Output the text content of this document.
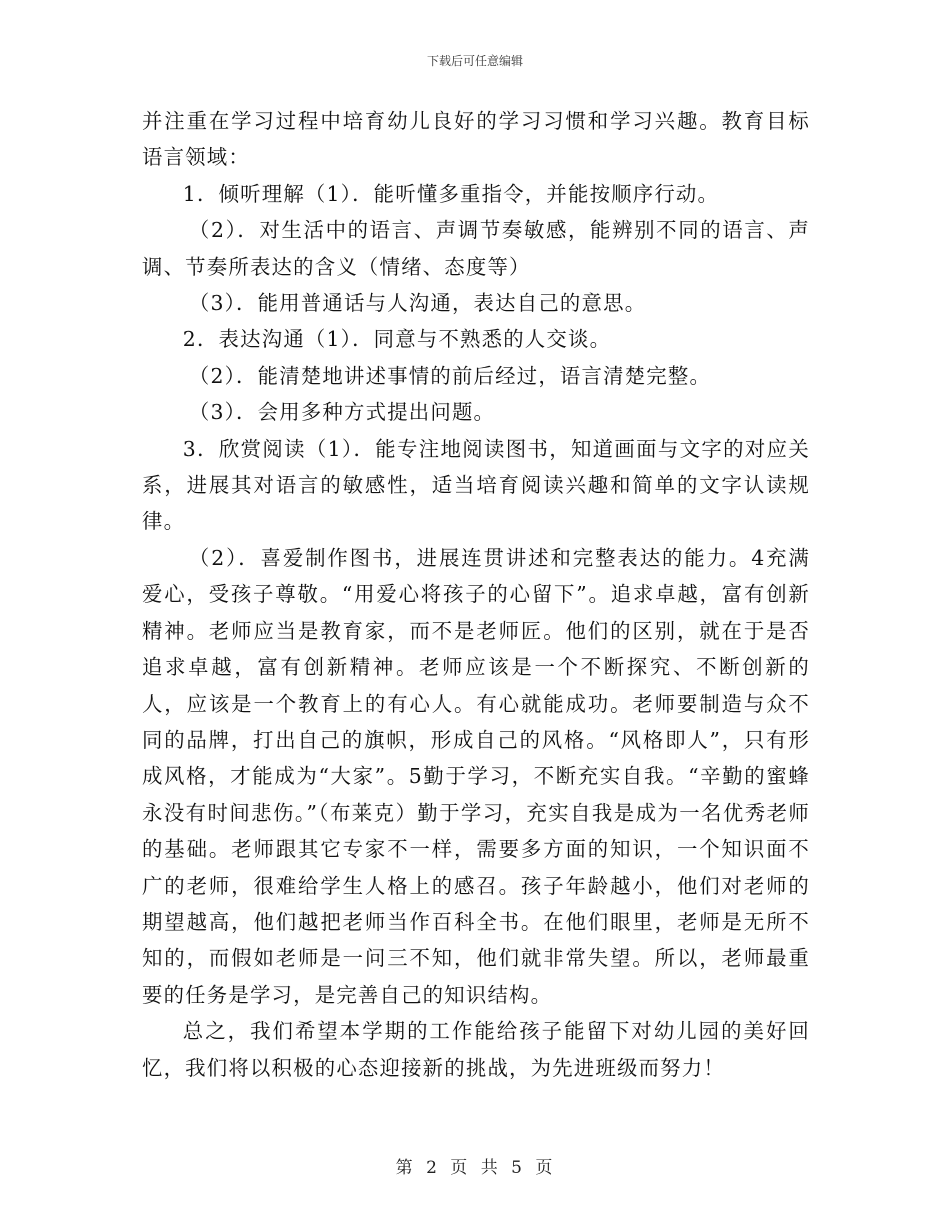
下载后可任意编辑

并注重在学习过程中培育幼儿良好的学习习惯和学习兴趣。教育目标语言领域：

1．倾听理解（1）．能听懂多重指令，并能按顺序行动。

（2）．对生活中的语言、声调节奏敏感，能辨别不同的语言、声调、节奏所表达的含义（情绪、态度等）

（3）．能用普通话与人沟通，表达自己的意思。

2．表达沟通（1）．同意与不熟悉的人交谈。

（2）．能清楚地讲述事情的前后经过，语言清楚完整。

（3）．会用多种方式提出问题。

3．欣赏阅读（1）．能专注地阅读图书，知道画面与文字的对应关系，进展其对语言的敏感性，适当培育阅读兴趣和简单的文字认读规律。

（2）．喜爱制作图书，进展连贯讲述和完整表达的能力。4充满爱心，受孩子尊敬。“用爱心将孩子的心留下”。追求卓越，富有创新精神。老师应当是教育家，而不是老师匠。他们的区别，就在于是否追求卓越，富有创新精神。老师应该是一个不断探究、不断创新的人，应该是一个教育上的有心人。有心就能成功。老师要制造与众不同的品牌，打出自己的旗帜，形成自己的风格。“风格即人”，只有形成风格，才能成为“大家”。5勤于学习，不断充实自我。“辛勤的蜜蜂永没有时间悲伤。”（布莱克）勤于学习，充实自我是成为一名优秀老师的基础。老师跟其它专家不一样，需要多方面的知识，一个知识面不广的老师，很难给学生人格上的感召。孩子年龄越小，他们对老师的期望越高，他们越把老师当作百科全书。在他们眼里，老师是无所不知的，而假如老师是一问三不知，他们就非常失望。所以，老师最重要的任务是学习，是完善自己的知识结构。

总之，我们希望本学期的工作能给孩子能留下对幼儿园的美好回忆，我们将以积极的心态迎接新的挑战，为先进班级而努力！

第 2 页 共 5 页
